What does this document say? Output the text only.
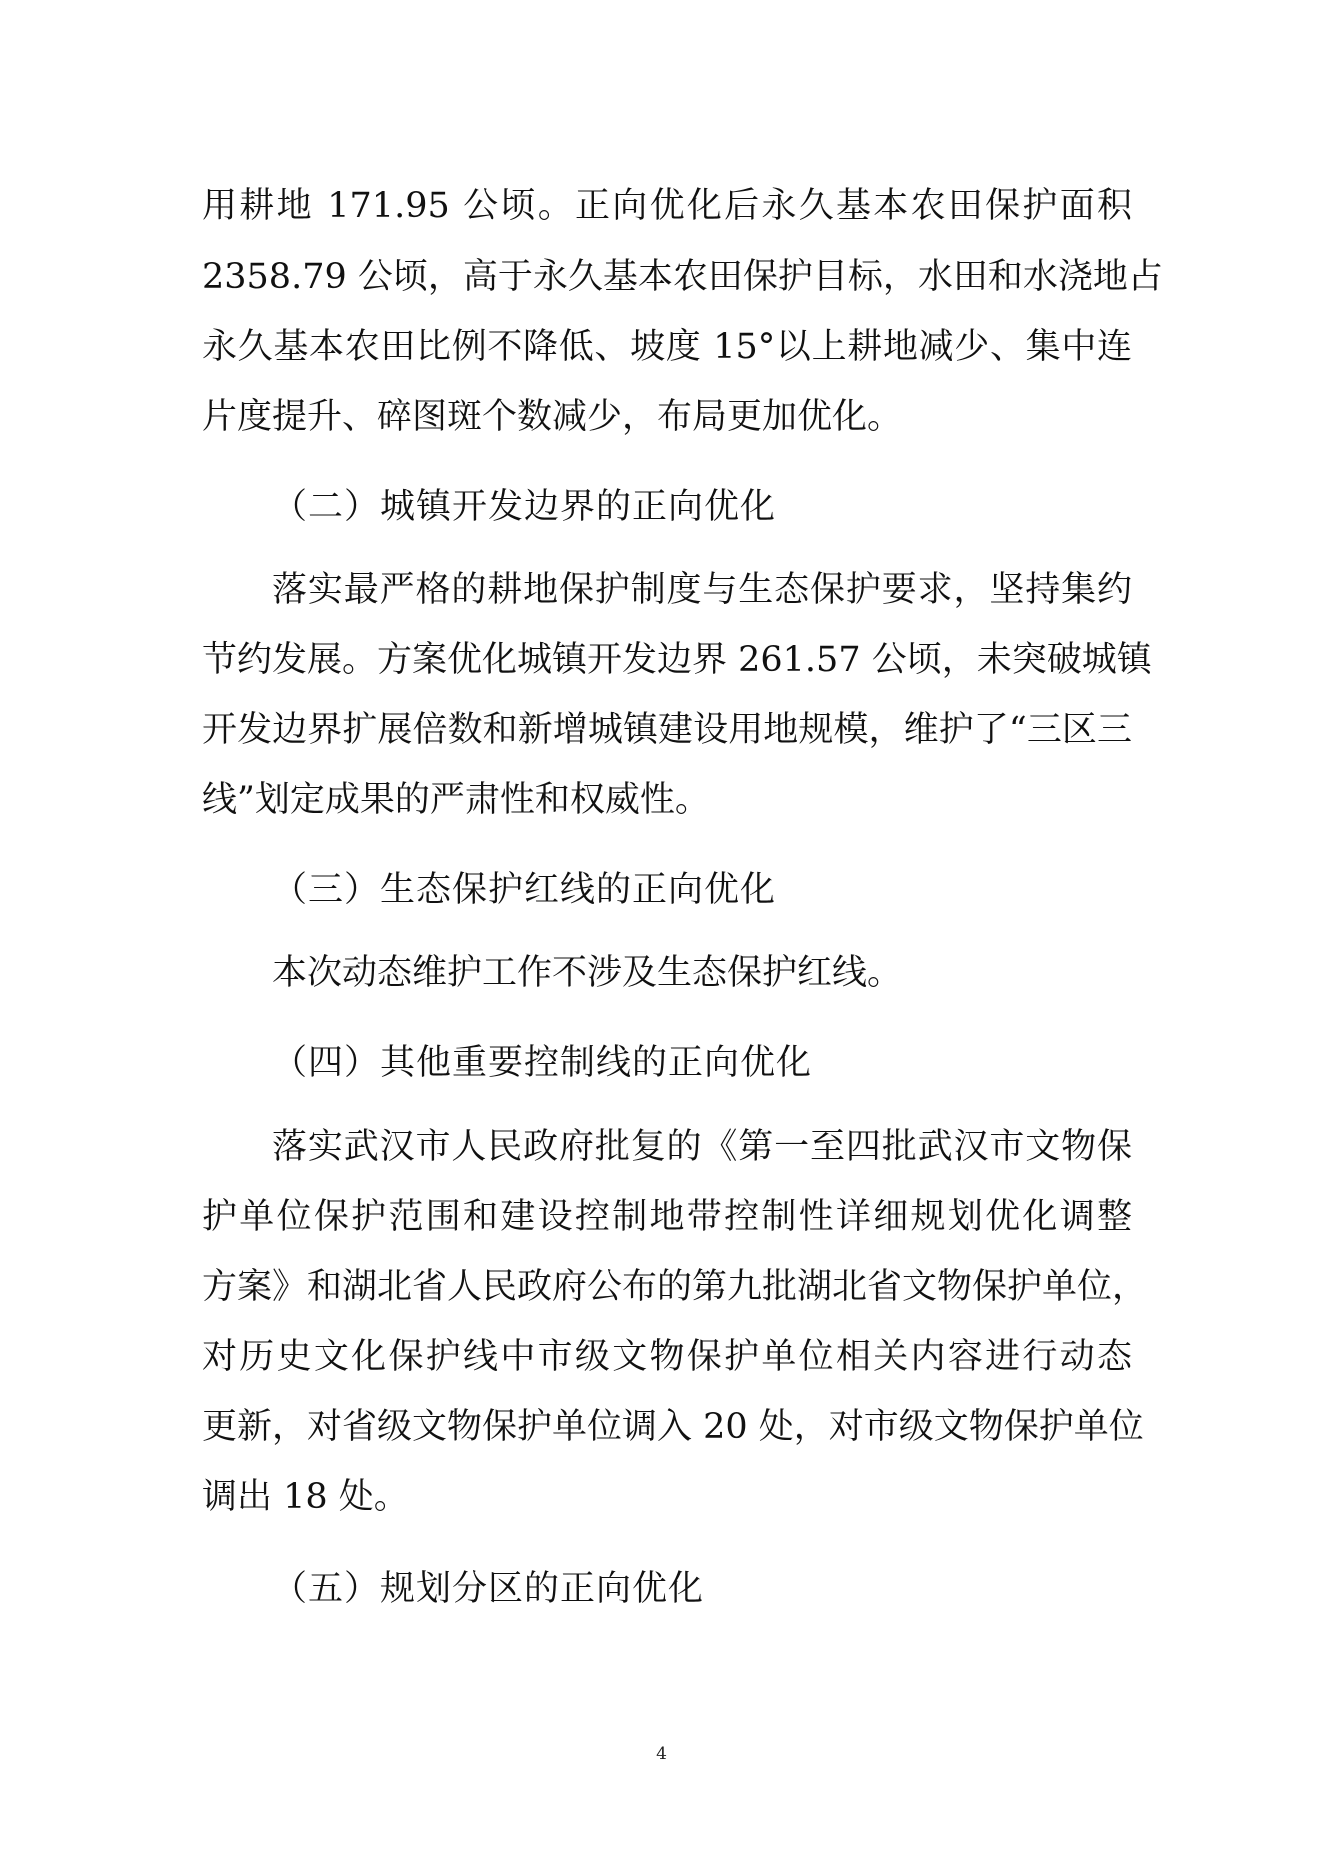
用耕地 171.95 公顷。正向优化后永久基本农田保护面积
2358.79 公顷，高于永久基本农田保护目标，水田和水浇地占
永久基本农田比例不降低、坡度 15°以上耕地减少、集中连
片度提升、碎图斑个数减少，布局更加优化。
（二）城镇开发边界的正向优化
落实最严格的耕地保护制度与生态保护要求，坚持集约
节约发展。方案优化城镇开发边界 261.57 公顷，未突破城镇
开发边界扩展倍数和新增城镇建设用地规模，维护了“三区三
线”划定成果的严肃性和权威性。
（三）生态保护红线的正向优化
本次动态维护工作不涉及生态保护红线。
（四）其他重要控制线的正向优化
落实武汉市人民政府批复的《第一至四批武汉市文物保
护单位保护范围和建设控制地带控制性详细规划优化调整
方案》和湖北省人民政府公布的第九批湖北省文物保护单位，
对历史文化保护线中市级文物保护单位相关内容进行动态
更新，对省级文物保护单位调入 20 处，对市级文物保护单位
调出 18 处。
（五）规划分区的正向优化
4
